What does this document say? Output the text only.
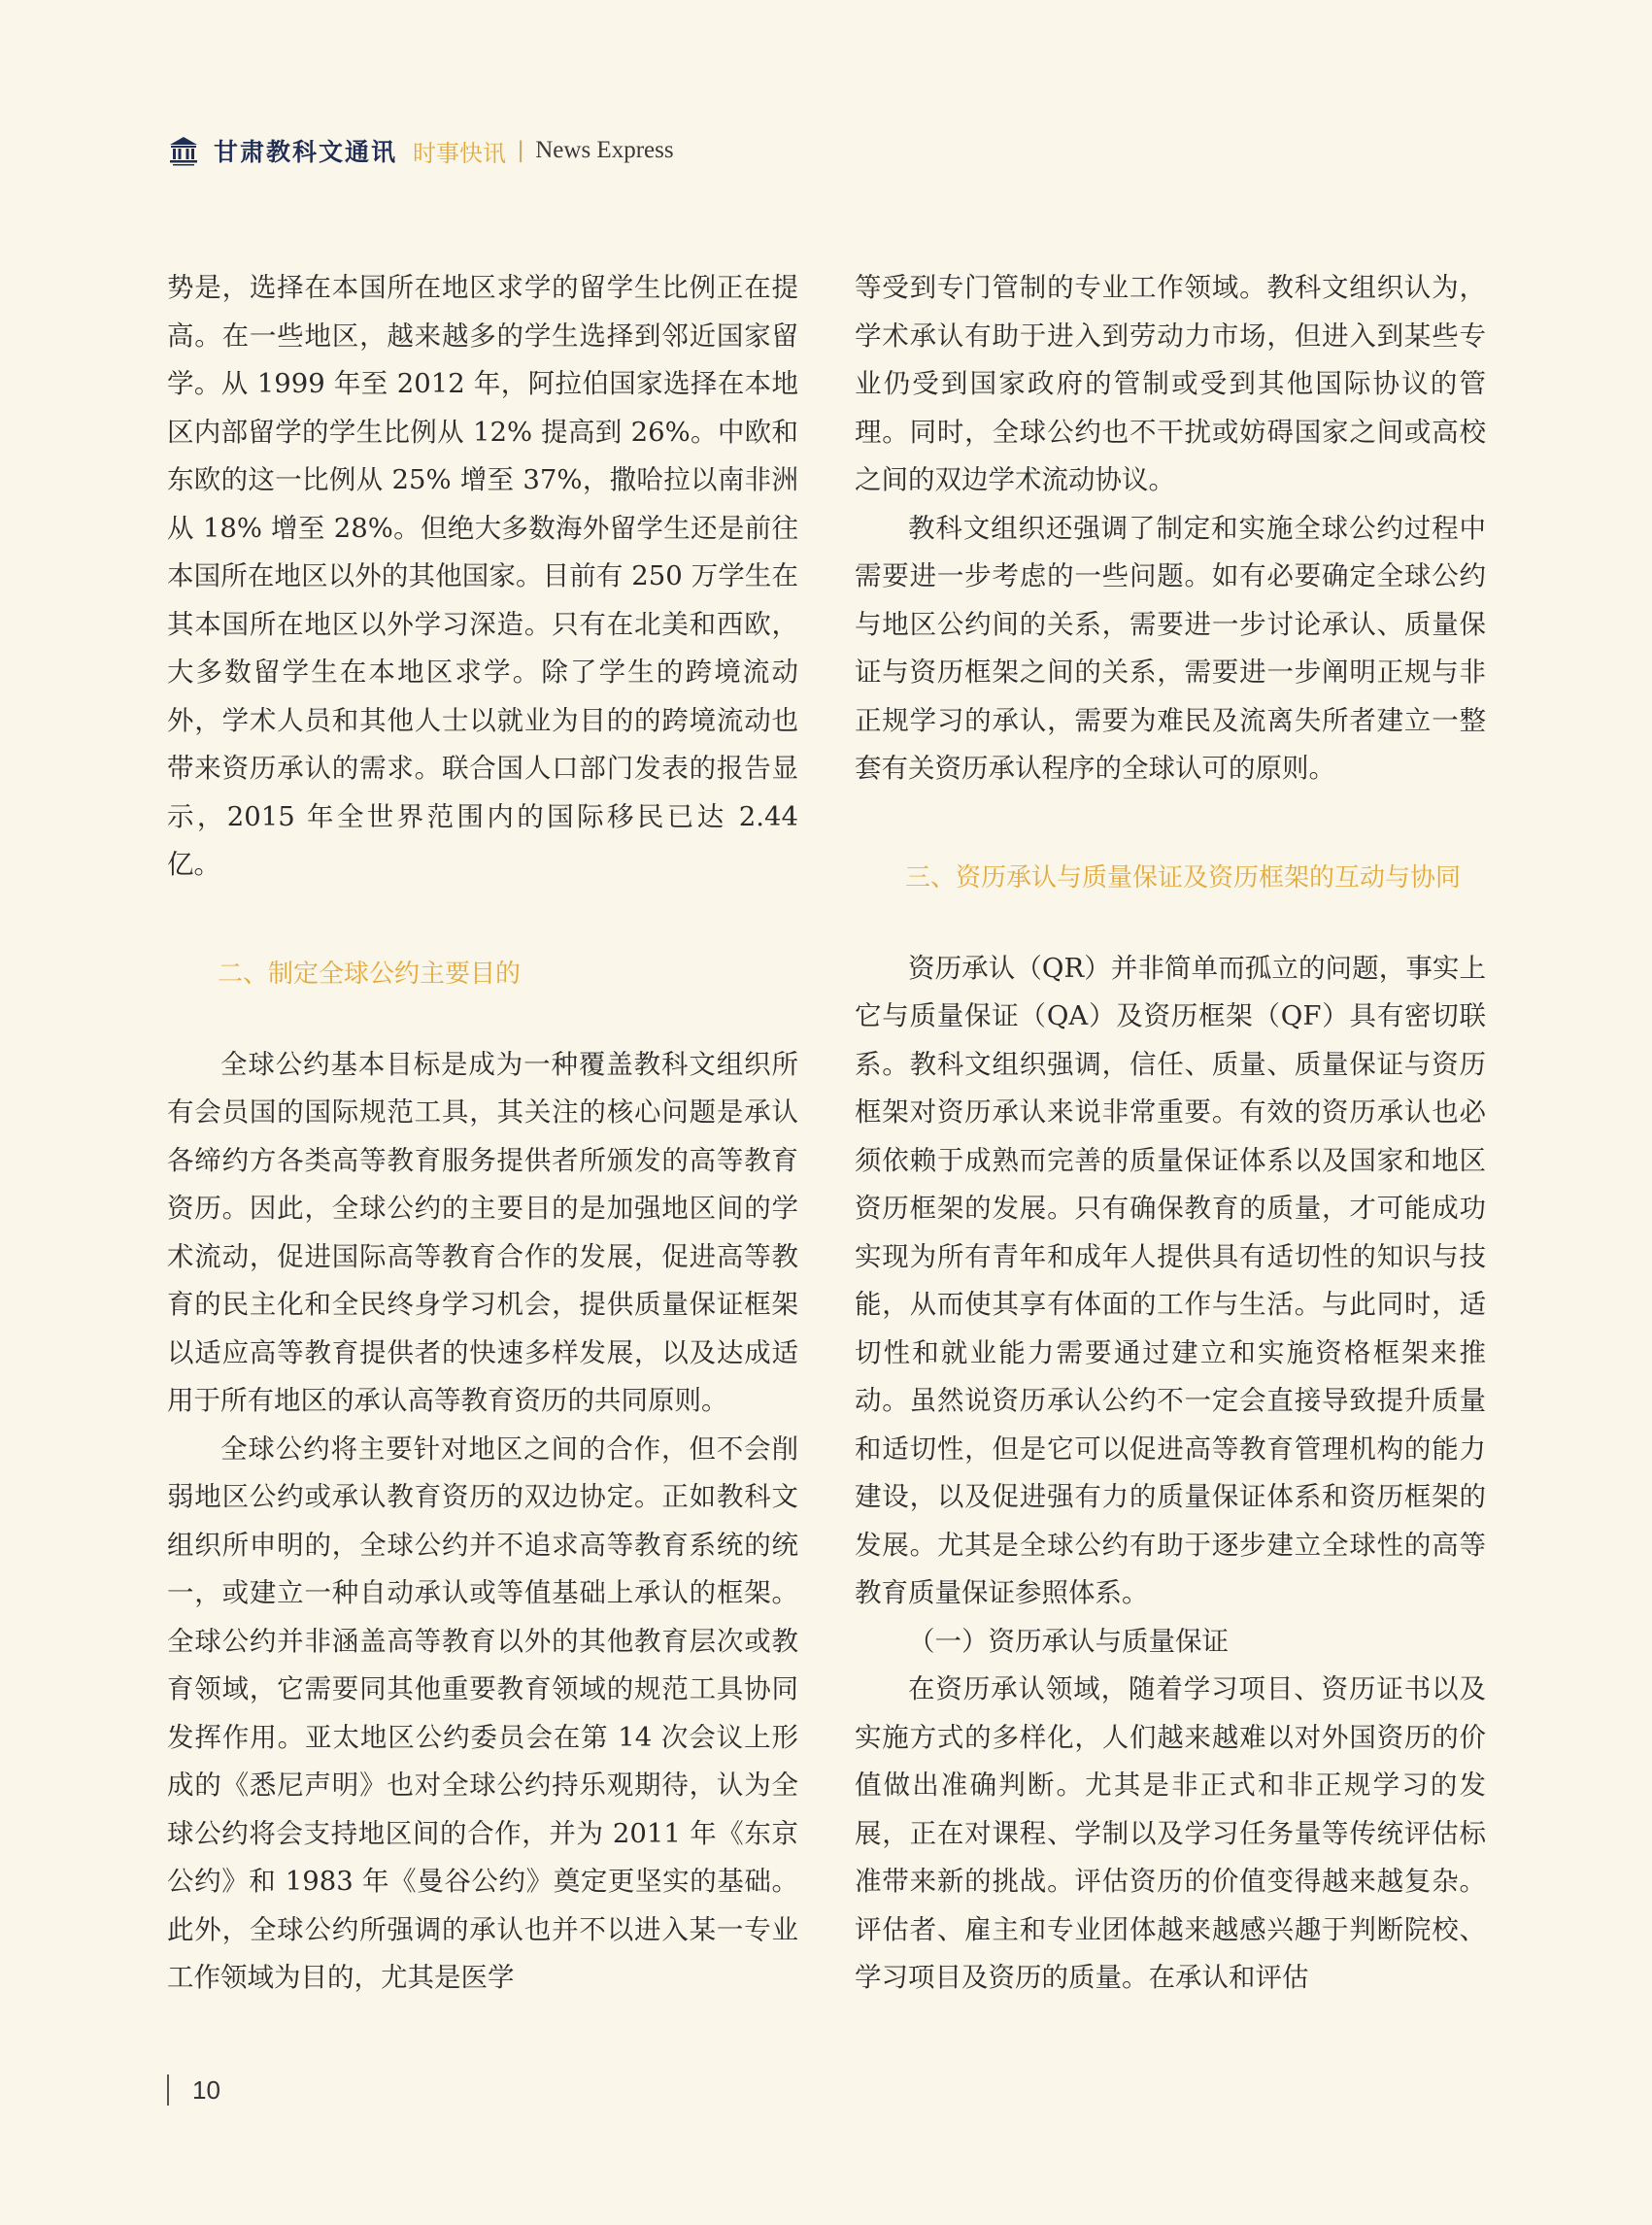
甘肃教科文通讯 时事快讯 | News Express

势是，选择在本国所在地区求学的留学生比例正在提高。在一些地区，越来越多的学生选择到邻近国家留学。从 1999 年至 2012 年，阿拉伯国家选择在本地区内部留学的学生比例从 12% 提高到 26%。中欧和东欧的这一比例从 25% 增至 37%，撒哈拉以南非洲从 18% 增至 28%。但绝大多数海外留学生还是前往本国所在地区以外的其他国家。目前有 250 万学生在其本国所在地区以外学习深造。只有在北美和西欧，大多数留学生在本地区求学。除了学生的跨境流动外，学术人员和其他人士以就业为目的的跨境流动也带来资历承认的需求。联合国人口部门发表的报告显示，2015 年全世界范围内的国际移民已达 2.44 亿。

二、制定全球公约主要目的

全球公约基本目标是成为一种覆盖教科文组织所有会员国的国际规范工具，其关注的核心问题是承认各缔约方各类高等教育服务提供者所颁发的高等教育资历。因此，全球公约的主要目的是加强地区间的学术流动，促进国际高等教育合作的发展，促进高等教育的民主化和全民终身学习机会，提供质量保证框架以适应高等教育提供者的快速多样发展，以及达成适用于所有地区的承认高等教育资历的共同原则。

全球公约将主要针对地区之间的合作，但不会削弱地区公约或承认教育资历的双边协定。正如教科文组织所申明的，全球公约并不追求高等教育系统的统一，或建立一种自动承认或等值基础上承认的框架。全球公约并非涵盖高等教育以外的其他教育层次或教育领域，它需要同其他重要教育领域的规范工具协同发挥作用。亚太地区公约委员会在第 14 次会议上形成的《悉尼声明》也对全球公约持乐观期待，认为全球公约将会支持地区间的合作，并为 2011 年《东京公约》和 1983 年《曼谷公约》奠定更坚实的基础。此外，全球公约所强调的承认也并不以进入某一专业工作领域为目的，尤其是医学

等受到专门管制的专业工作领域。教科文组织认为，学术承认有助于进入到劳动力市场，但进入到某些专业仍受到国家政府的管制或受到其他国际协议的管理。同时，全球公约也不干扰或妨碍国家之间或高校之间的双边学术流动协议。

教科文组织还强调了制定和实施全球公约过程中需要进一步考虑的一些问题。如有必要确定全球公约与地区公约间的关系，需要进一步讨论承认、质量保证与资历框架之间的关系，需要进一步阐明正规与非正规学习的承认，需要为难民及流离失所者建立一整套有关资历承认程序的全球认可的原则。

三、资历承认与质量保证及资历框架的互动与协同

资历承认（QR）并非简单而孤立的问题，事实上它与质量保证（QA）及资历框架（QF）具有密切联系。教科文组织强调，信任、质量、质量保证与资历框架对资历承认来说非常重要。有效的资历承认也必须依赖于成熟而完善的质量保证体系以及国家和地区资历框架的发展。只有确保教育的质量，才可能成功实现为所有青年和成年人提供具有适切性的知识与技能，从而使其享有体面的工作与生活。与此同时，适切性和就业能力需要通过建立和实施资格框架来推动。虽然说资历承认公约不一定会直接导致提升质量和适切性，但是它可以促进高等教育管理机构的能力建设，以及促进强有力的质量保证体系和资历框架的发展。尤其是全球公约有助于逐步建立全球性的高等教育质量保证参照体系。

（一）资历承认与质量保证

在资历承认领域，随着学习项目、资历证书以及实施方式的多样化，人们越来越难以对外国资历的价值做出准确判断。尤其是非正式和非正规学习的发展，正在对课程、学制以及学习任务量等传统评估标准带来新的挑战。评估资历的价值变得越来越复杂。评估者、雇主和专业团体越来越感兴趣于判断院校、学习项目及资历的质量。在承认和评估

10
